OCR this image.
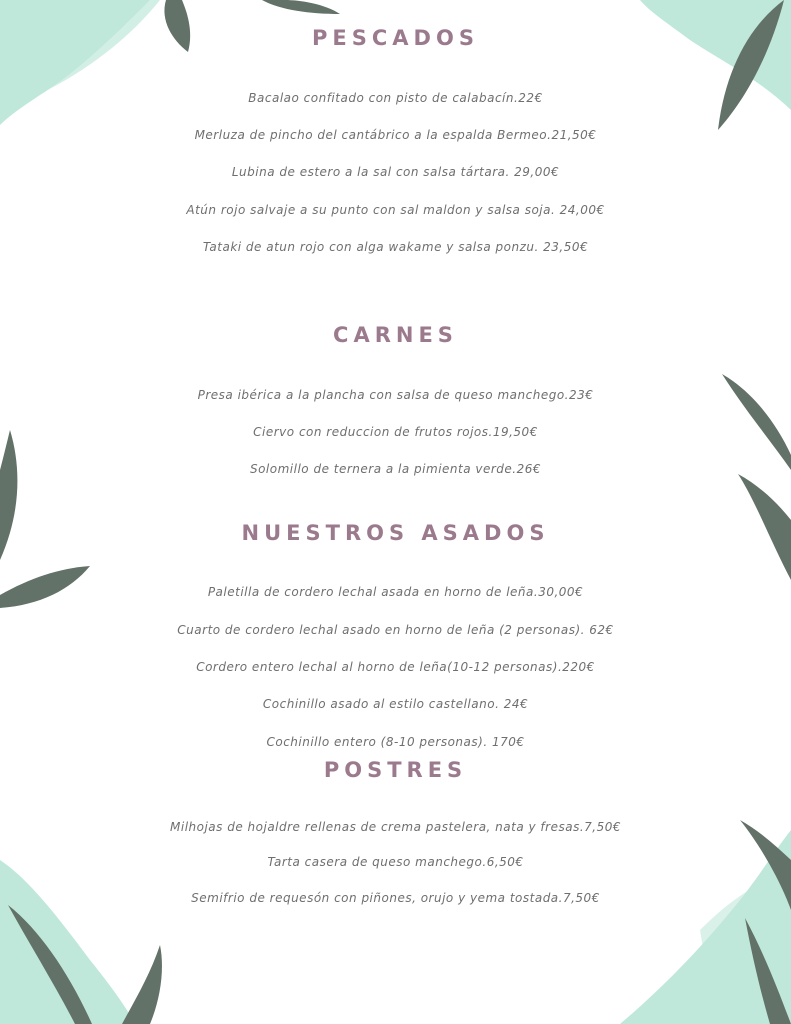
PESCADOS

Bacalao confitado con pisto de calabacín.22€

Merluza de pincho del cantábrico a la espalda Bermeo.21,50€

Lubina de estero a la sal con salsa tártara. 29,00€

Atún rojo salvaje a su punto con sal maldon y salsa soja. 24,00€

Tataki de atun rojo con alga wakame y salsa ponzu. 23,50€

CARNES

Presa ibérica a la plancha con salsa de queso manchego.23€

Ciervo con reduccion de frutos rojos.19,50€

Solomillo de ternera a la pimienta verde.26€

NUESTROS ASADOS

Paletilla de cordero lechal asada en horno de leña.30,00€

Cuarto de cordero lechal asado en horno de leña (2 personas). 62€

Cordero entero lechal al horno de leña(10-12 personas).220€

Cochinillo asado al estilo castellano. 24€

Cochinillo entero (8-10 personas). 170€

POSTRES

Milhojas de hojaldre rellenas de crema pastelera, nata y fresas.7,50€

Tarta casera de queso manchego.6,50€

Semifrio de requesón con piñones, orujo y yema tostada.7,50€
